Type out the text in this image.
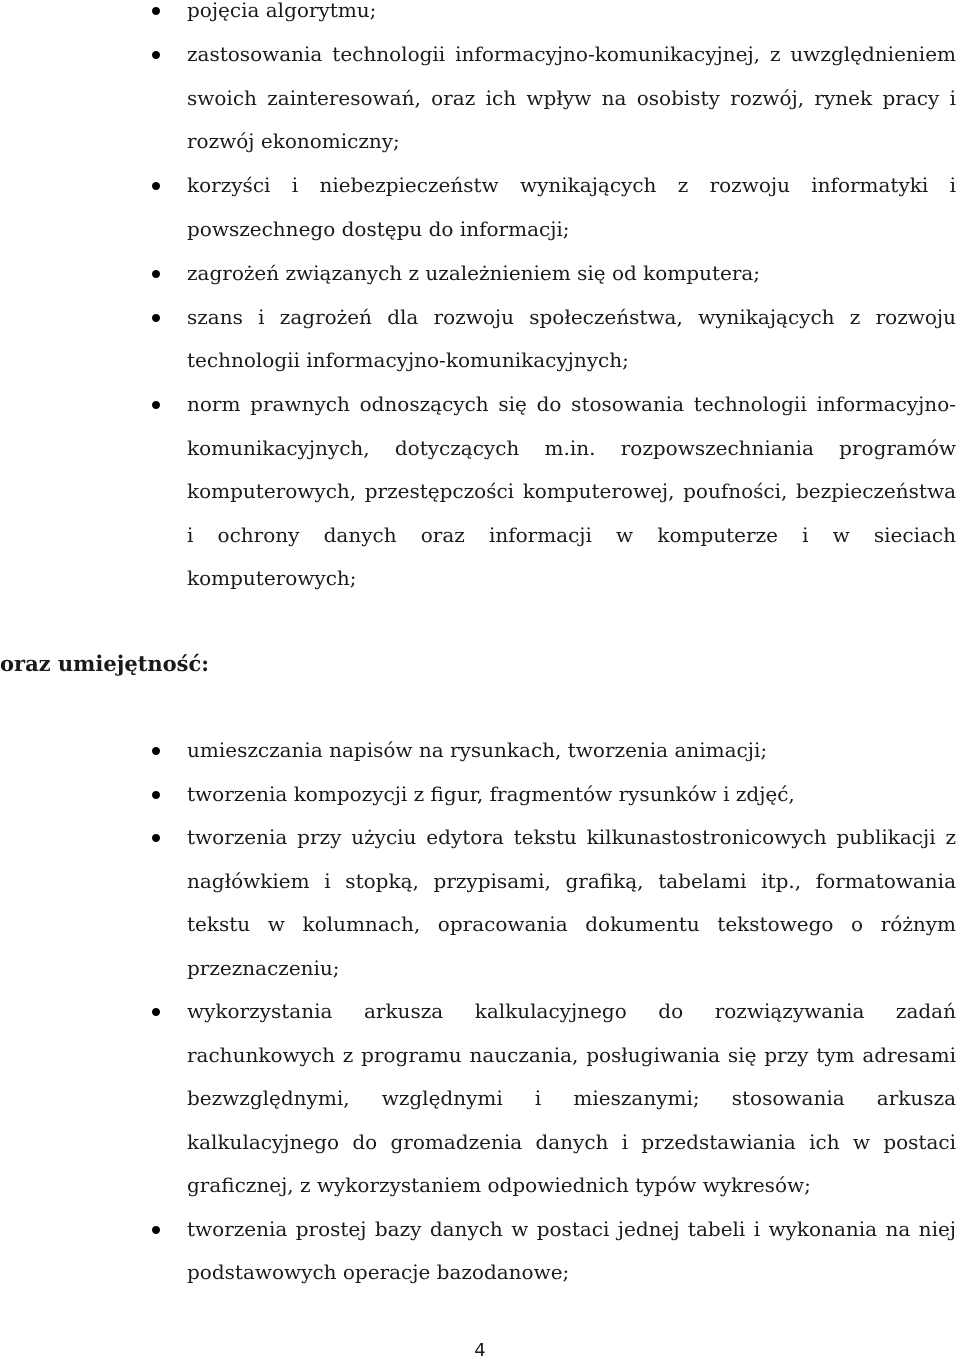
pojęcia algorytmu;
zastosowania technologii informacyjno-komunikacyjnej, z uwzględnieniem swoich zainteresowań, oraz ich wpływ na osobisty rozwój, rynek pracy i rozwój ekonomiczny;
korzyści i niebezpieczeństw wynikających z rozwoju informatyki i powszechnego dostępu do informacji;
zagrożeń związanych z uzależnieniem się od komputera;
szans i zagrożeń dla rozwoju społeczeństwa, wynikających z rozwoju technologii informacyjno-komunikacyjnych;
norm prawnych odnoszących się do stosowania technologii informacyjno-komunikacyjnych, dotyczących m.in. rozpowszechniania programów komputerowych, przestępczości komputerowej, poufności, bezpieczeństwa i ochrony danych oraz informacji w komputerze i w sieciach komputerowych;
oraz umiejętność:
umieszczania napisów na rysunkach, tworzenia animacji;
tworzenia kompozycji z figur, fragmentów rysunków i zdjęć,
tworzenia przy użyciu edytora tekstu kilkunastostronicowych publikacji z nagłówkiem i stopką, przypisami, grafiką, tabelami itp., formatowania tekstu w kolumnach, opracowania dokumentu tekstowego o różnym przeznaczeniu;
wykorzystania arkusza kalkulacyjnego do rozwiązywania zadań rachunkowych z programu nauczania, posługiwania się przy tym adresami bezwzględnymi, względnymi i mieszanymi; stosowania arkusza kalkulacyjnego do gromadzenia danych i przedstawiania ich w postaci graficznej, z wykorzystaniem odpowiednich typów wykresów;
tworzenia prostej bazy danych w postaci jednej tabeli i wykonania na niej podstawowych operacje bazodanowe;
4
